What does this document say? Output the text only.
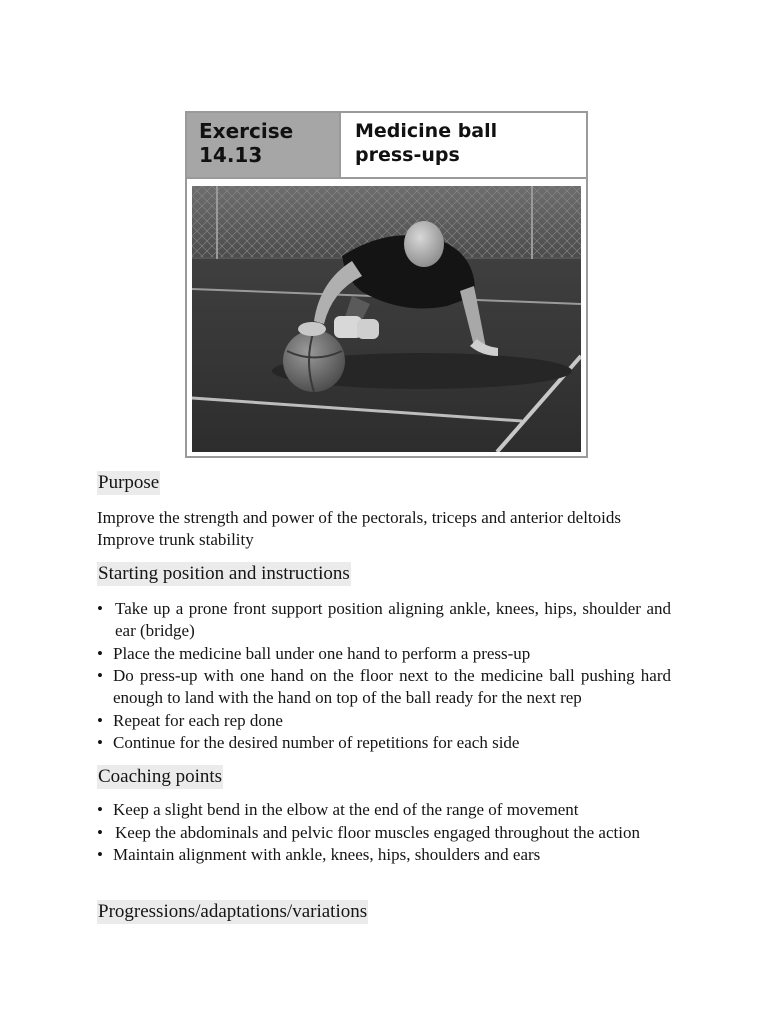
Exercise
14.13
Medicine ball
press-ups
Purpose
Improve the strength and power of the pectorals, triceps and anterior deltoids
Improve trunk stability
Starting position and instructions
• Take up a prone front support position aligning ankle, knees, hips, shoulder and ear (bridge)
• Place the medicine ball under one hand to perform a press-up
• Do press-up with one hand on the floor next to the medicine ball pushing hard enough to land with the hand on top of the ball ready for the next rep
• Repeat for each rep done
• Continue for the desired number of repetitions for each side
Coaching points
• Keep a slight bend in the elbow at the end of the range of movement
• Keep the abdominals and pelvic floor muscles engaged throughout the action
• Maintain alignment with ankle, knees, hips, shoulders and ears
Progressions/adaptations/variations
